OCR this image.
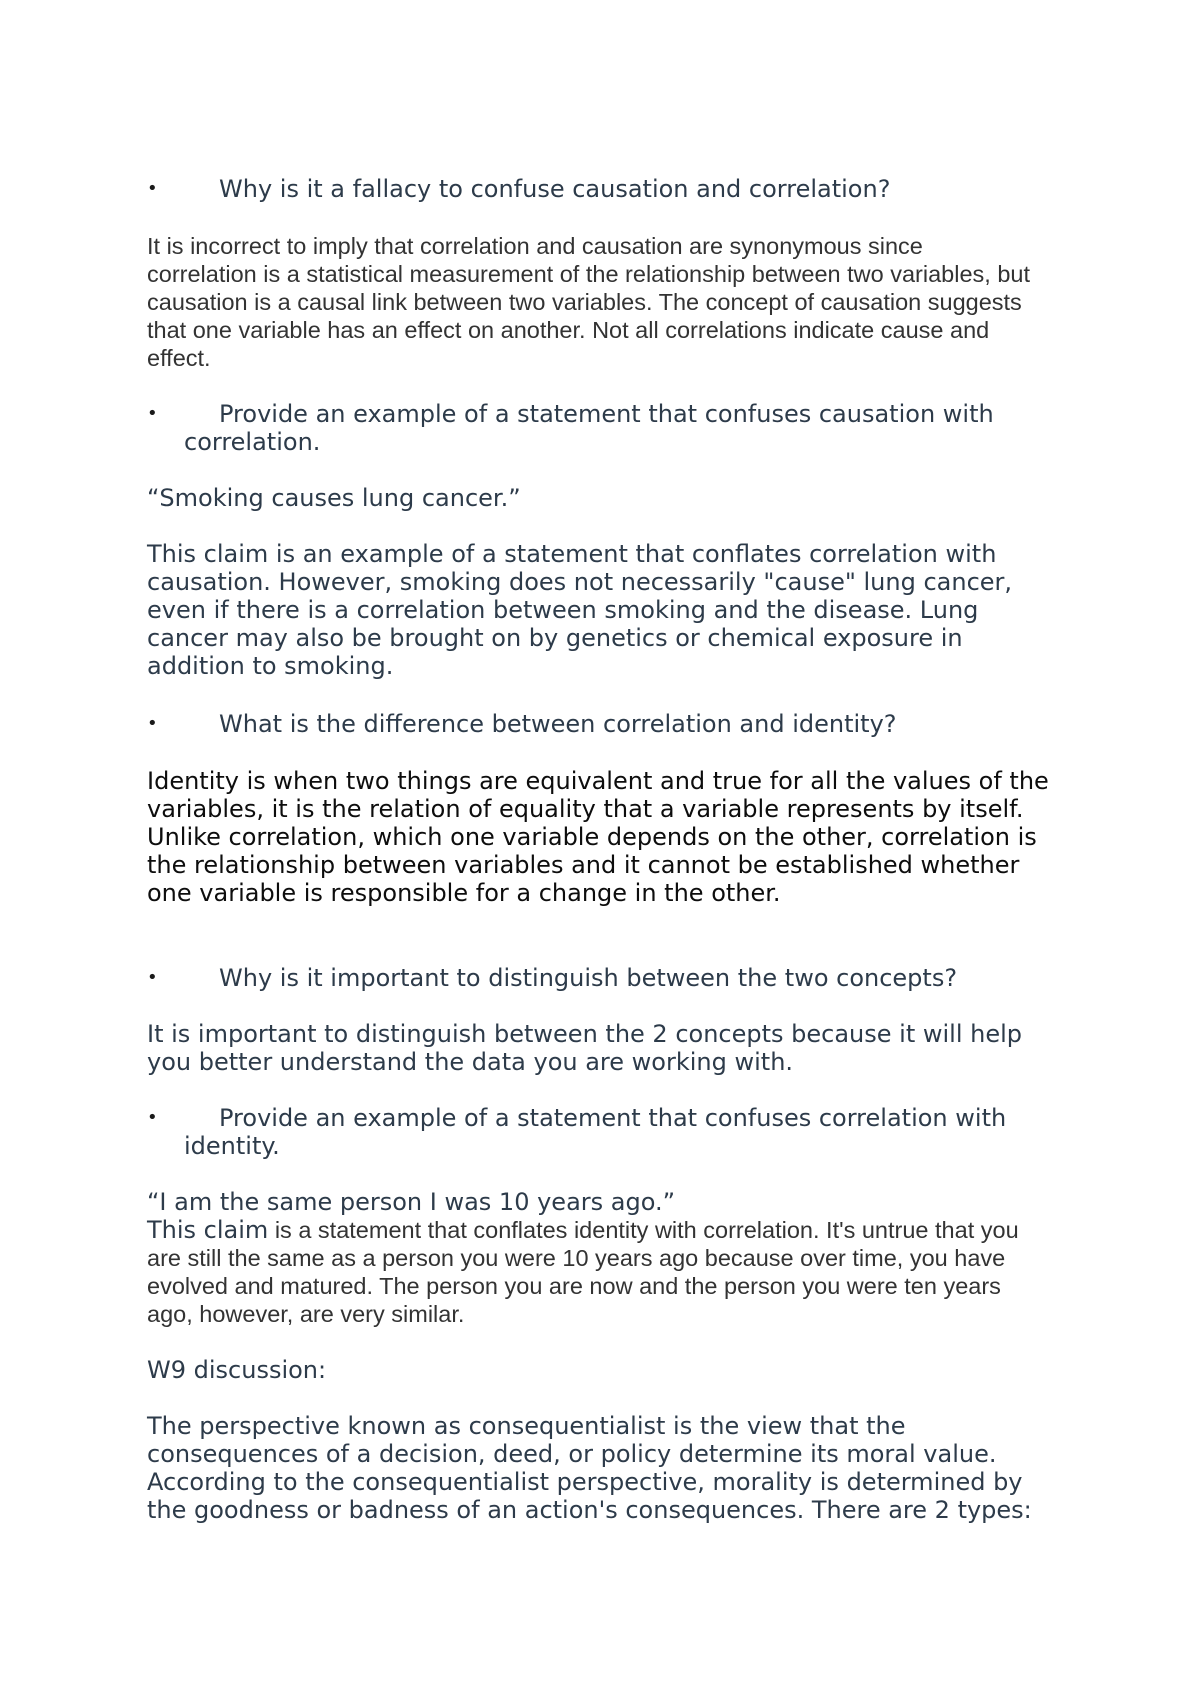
•	Why is it a fallacy to confuse causation and correlation?
It is incorrect to imply that correlation and causation are synonymous since
correlation is a statistical measurement of the relationship between two variables, but
causation is a causal link between two variables. The concept of causation suggests
that one variable has an effect on another. Not all correlations indicate cause and
effect.
•	Provide an example of a statement that confuses causation with
correlation.
“Smoking causes lung cancer.”
This claim is an example of a statement that conflates correlation with
causation. However, smoking does not necessarily "cause" lung cancer,
even if there is a correlation between smoking and the disease. Lung
cancer may also be brought on by genetics or chemical exposure in
addition to smoking.
•	What is the difference between correlation and identity?
Identity is when two things are equivalent and true for all the values of the
variables, it is the relation of equality that a variable represents by itself.
Unlike correlation, which one variable depends on the other, correlation is
the relationship between variables and it cannot be established whether
one variable is responsible for a change in the other.
•	Why is it important to distinguish between the two concepts?
It is important to distinguish between the 2 concepts because it will help
you better understand the data you are working with.
•	Provide an example of a statement that confuses correlation with
identity.
“I am the same person I was 10 years ago.”
This claim is a statement that conflates identity with correlation. It's untrue that you
are still the same as a person you were 10 years ago because over time, you have
evolved and matured. The person you are now and the person you were ten years
ago, however, are very similar.
W9 discussion:
The perspective known as consequentialist is the view that the
consequences of a decision, deed, or policy determine its moral value.
According to the consequentialist perspective, morality is determined by
the goodness or badness of an action's consequences. There are 2 types:
